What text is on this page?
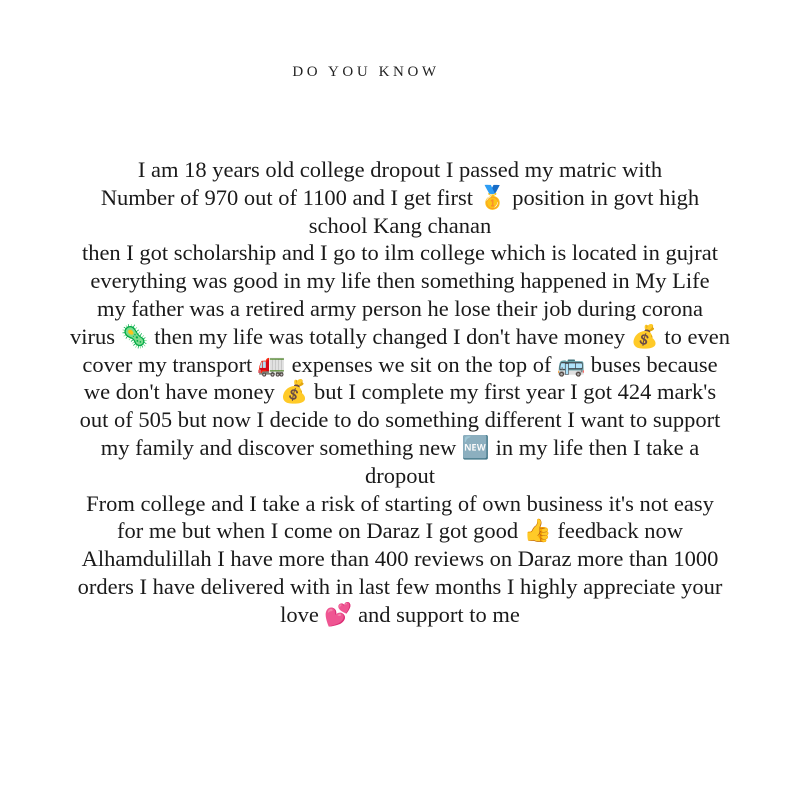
DO YOU KNOW
I am 18 years old college dropout I passed my matric with
Number of 970 out of 1100 and I get first 🥇 position in govt high
school Kang chanan
then I got scholarship and I go to ilm college which is located in gujrat
everything was good in my life then something happened in My Life
my father was a retired army person he lose their job during corona
virus 🦠 then my life was totally changed I don't have money 💰 to even
cover my transport 🚛 expenses we sit on the top of 🚌 buses because
we don't have money 💰 but I complete my first year I got 424 mark's
out of 505 but now I decide to do something different I want to support
my family and discover something new 🆕 in my life then I take a
dropout
From college and I take a risk of starting of own business it's not easy
for me but when I come on Daraz I got good 👍 feedback now
Alhamdulillah I have more than 400 reviews on Daraz more than 1000
orders I have delivered with in last few months I highly appreciate your
love 💕 and support to me
